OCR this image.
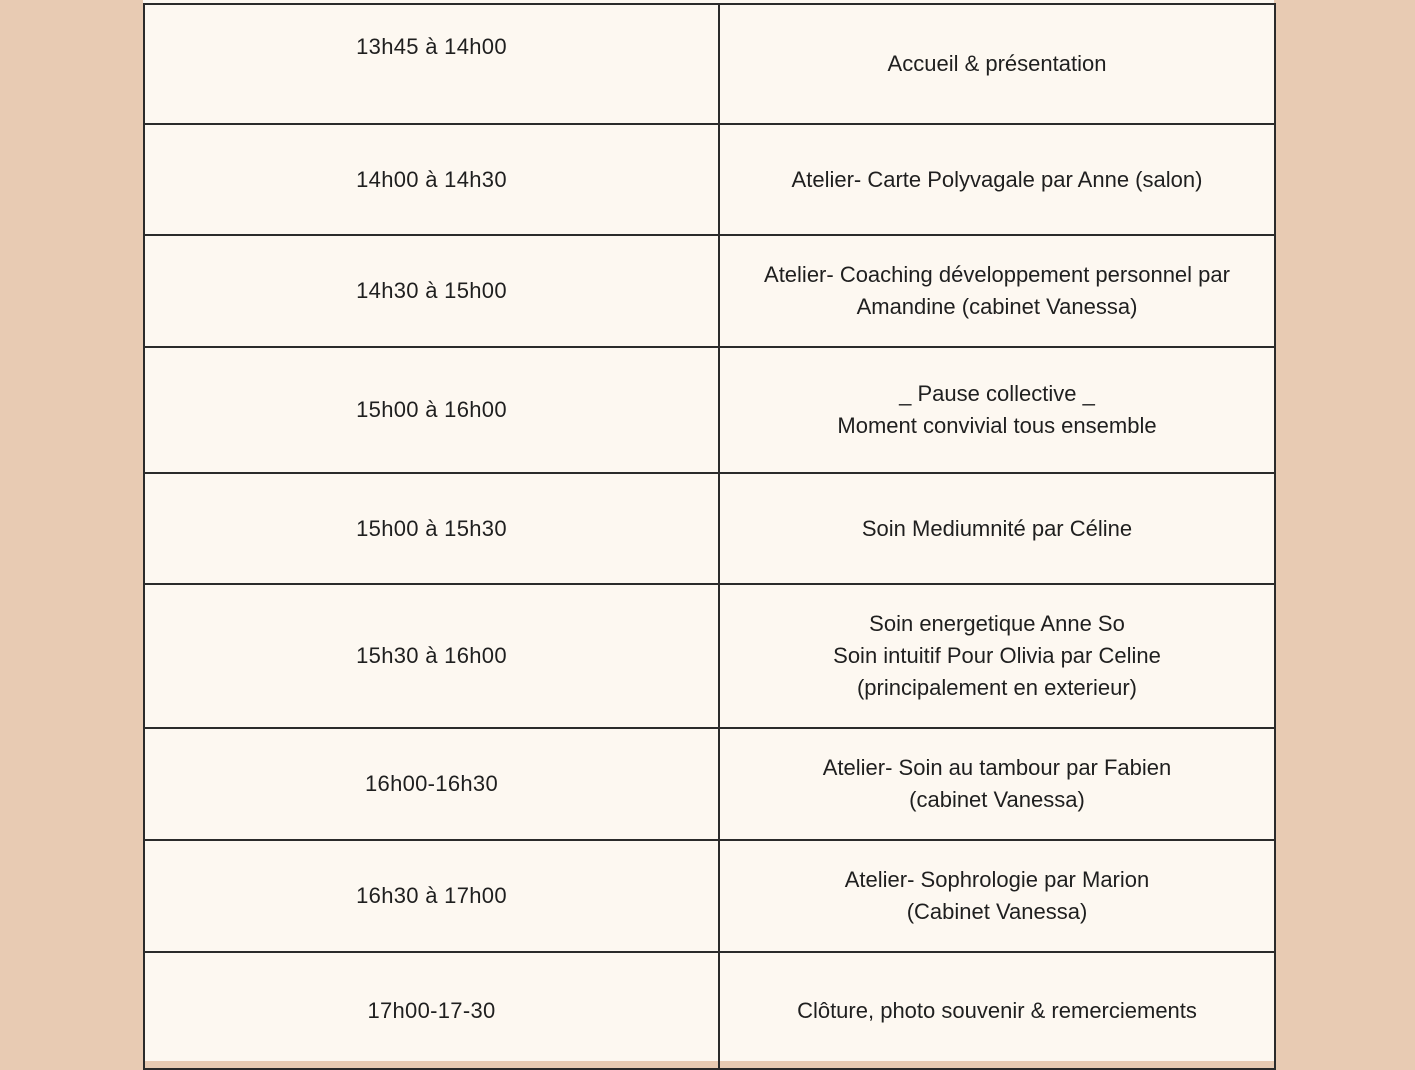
13h45 à 14h00	Accueil & présentation

14h00 à 14h30	Atelier- Carte Polyvagale par Anne (salon)

14h30 à 15h00	Atelier- Coaching développement personnel par
Amandine (cabinet Vanessa)

15h00 à 16h00	_ Pause collective _
Moment convivial tous ensemble

15h00 à 15h30	Soin Mediumnité par Céline

15h30 à 16h00	Soin energetique Anne So
Soin intuitif Pour Olivia par Celine
(principalement en exterieur)

16h00-16h30	Atelier- Soin au tambour par Fabien
(cabinet Vanessa)

16h30 à 17h00	Atelier- Sophrologie par Marion
(Cabinet Vanessa)

17h00-17-30	Clôture, photo souvenir & remerciements
